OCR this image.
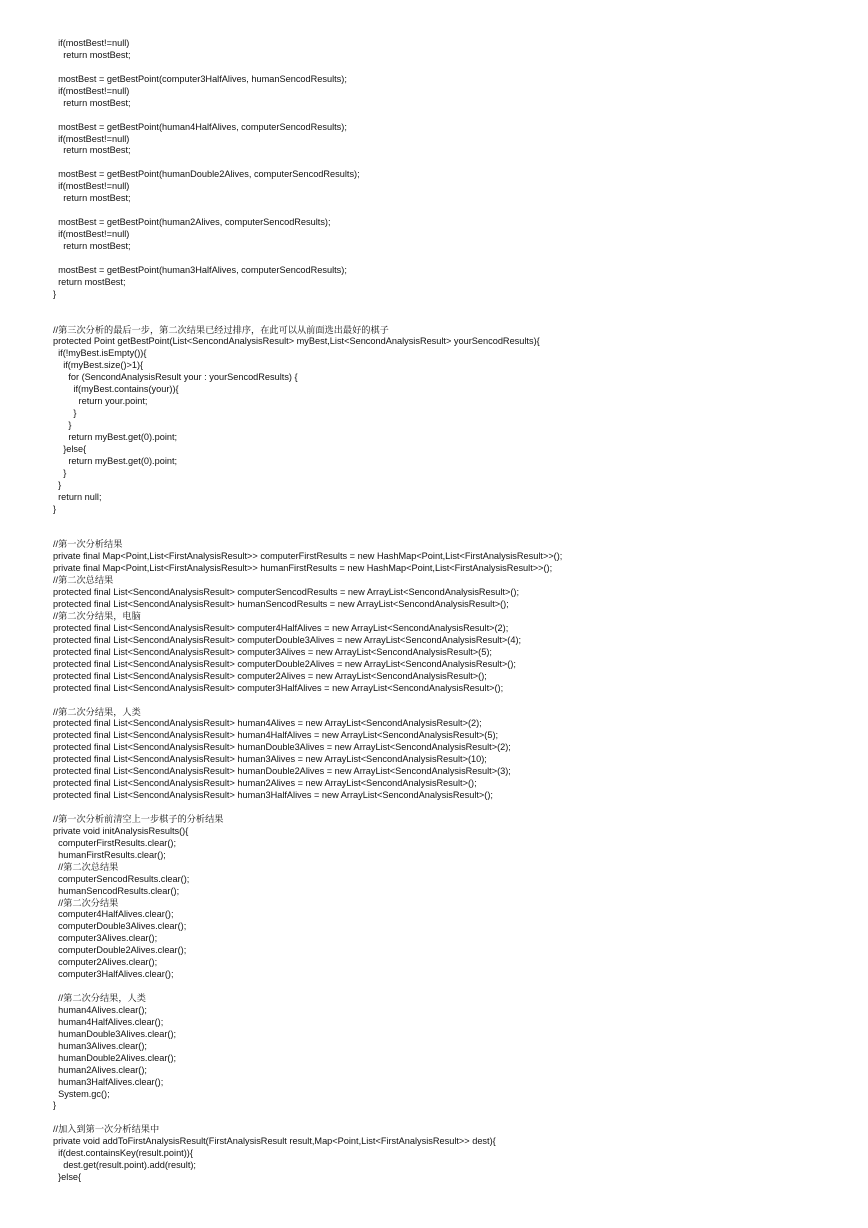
if(mostBest!=null)
return mostBest;
mostBest = getBestPoint(computer3HalfAlives, humanSencodResults);
if(mostBest!=null)
return mostBest;
mostBest = getBestPoint(human4HalfAlives, computerSencodResults);
if(mostBest!=null)
return mostBest;
mostBest = getBestPoint(humanDouble2Alives, computerSencodResults);
if(mostBest!=null)
return mostBest;
mostBest = getBestPoint(human2Alives, computerSencodResults);
if(mostBest!=null)
return mostBest;
mostBest = getBestPoint(human3HalfAlives, computerSencodResults);
return mostBest;
}
//第三次分析的最后一步，第二次结果已经过排序，在此可以从前面选出最好的棋子
protected Point getBestPoint(List<SencondAnalysisResult> myBest,List<SencondAnalysisResult> yourSencodResults){
if(!myBest.isEmpty()){
if(myBest.size()>1){
for (SencondAnalysisResult your : yourSencodResults) {
if(myBest.contains(your)){
return your.point;
}
}
return myBest.get(0).point;
}else{
return myBest.get(0).point;
}
}
return null;
}
//第一次分析结果
private final Map<Point,List<FirstAnalysisResult>> computerFirstResults = new HashMap<Point,List<FirstAnalysisResult>>();
private final Map<Point,List<FirstAnalysisResult>> humanFirstResults = new HashMap<Point,List<FirstAnalysisResult>>();
//第二次总结果
protected final List<SencondAnalysisResult> computerSencodResults = new ArrayList<SencondAnalysisResult>();
protected final List<SencondAnalysisResult> humanSencodResults = new ArrayList<SencondAnalysisResult>();
//第二次分结果，电脑
protected final List<SencondAnalysisResult> computer4HalfAlives = new ArrayList<SencondAnalysisResult>(2);
protected final List<SencondAnalysisResult> computerDouble3Alives = new ArrayList<SencondAnalysisResult>(4);
protected final List<SencondAnalysisResult> computer3Alives = new ArrayList<SencondAnalysisResult>(5);
protected final List<SencondAnalysisResult> computerDouble2Alives = new ArrayList<SencondAnalysisResult>();
protected final List<SencondAnalysisResult> computer2Alives = new ArrayList<SencondAnalysisResult>();
protected final List<SencondAnalysisResult> computer3HalfAlives = new ArrayList<SencondAnalysisResult>();
//第二次分结果，人类
protected final List<SencondAnalysisResult> human4Alives = new ArrayList<SencondAnalysisResult>(2);
protected final List<SencondAnalysisResult> human4HalfAlives = new ArrayList<SencondAnalysisResult>(5);
protected final List<SencondAnalysisResult> humanDouble3Alives = new ArrayList<SencondAnalysisResult>(2);
protected final List<SencondAnalysisResult> human3Alives = new ArrayList<SencondAnalysisResult>(10);
protected final List<SencondAnalysisResult> humanDouble2Alives = new ArrayList<SencondAnalysisResult>(3);
protected final List<SencondAnalysisResult> human2Alives = new ArrayList<SencondAnalysisResult>();
protected final List<SencondAnalysisResult> human3HalfAlives = new ArrayList<SencondAnalysisResult>();
//第一次分析前清空上一步棋子的分析结果
private void initAnalysisResults(){
computerFirstResults.clear();
humanFirstResults.clear();
//第二次总结果
computerSencodResults.clear();
humanSencodResults.clear();
//第二次分结果
computer4HalfAlives.clear();
computerDouble3Alives.clear();
computer3Alives.clear();
computerDouble2Alives.clear();
computer2Alives.clear();
computer3HalfAlives.clear();
//第二次分结果，人类
human4Alives.clear();
human4HalfAlives.clear();
humanDouble3Alives.clear();
human3Alives.clear();
humanDouble2Alives.clear();
human2Alives.clear();
human3HalfAlives.clear();
System.gc();
}
//加入到第一次分析结果中
private void addToFirstAnalysisResult(FirstAnalysisResult result,Map<Point,List<FirstAnalysisResult>> dest){
if(dest.containsKey(result.point)){
dest.get(result.point).add(result);
}else{
